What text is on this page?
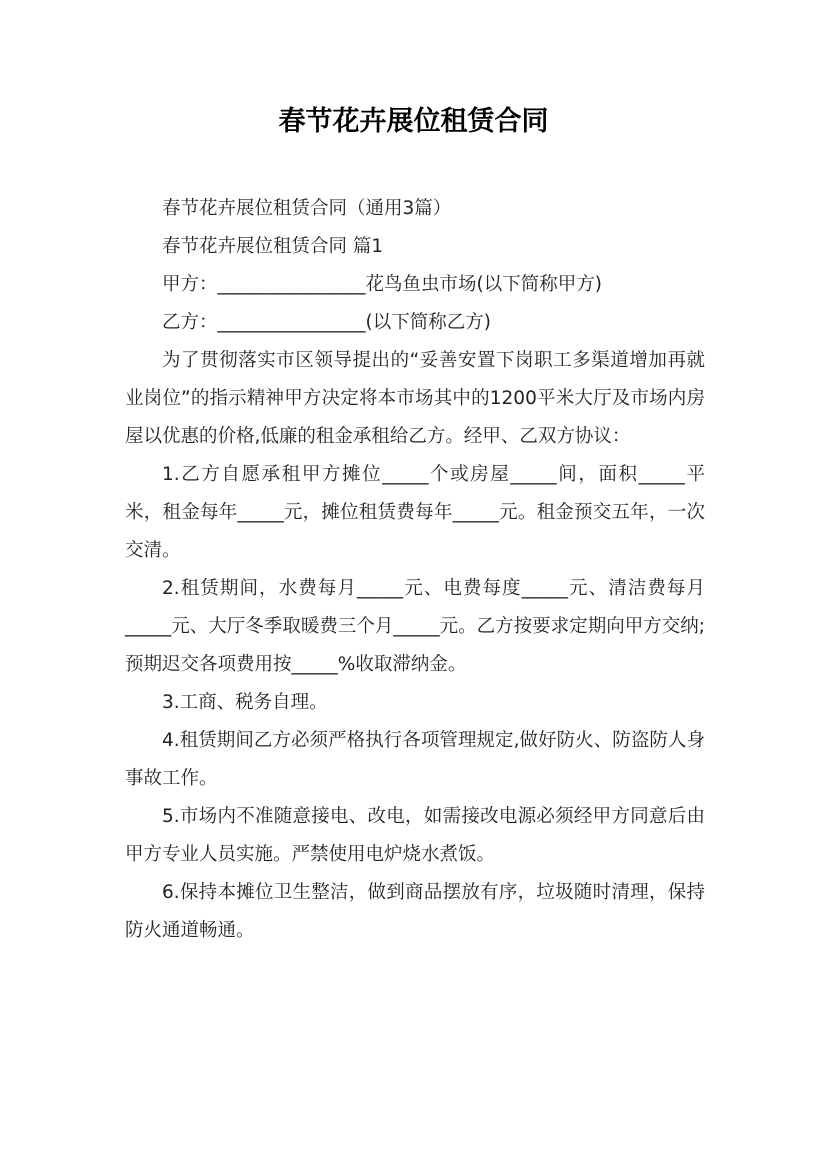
春节花卉展位租赁合同

春节花卉展位租赁合同（通用3篇）

春节花卉展位租赁合同 篇1

甲方：________________花鸟鱼虫市场(以下简称甲方)

乙方：________________(以下简称乙方)

为了贯彻落实市区领导提出的“妥善安置下岗职工多渠道增加再就业岗位”的指示精神甲方决定将本市场其中的1200平米大厅及市场内房屋以优惠的价格,低廉的租金承租给乙方。经甲、乙双方协议：

1.乙方自愿承租甲方摊位_____个或房屋_____间，面积_____平米，租金每年_____元，摊位租赁费每年_____元。租金预交五年，一次交清。

2.租赁期间，水费每月_____元、电费每度_____元、清洁费每月_____元、大厅冬季取暖费三个月_____元。乙方按要求定期向甲方交纳;预期迟交各项费用按_____%收取滞纳金。

3.工商、税务自理。

4.租赁期间乙方必须严格执行各项管理规定,做好防火、防盗防人身事故工作。

5.市场内不准随意接电、改电，如需接改电源必须经甲方同意后由甲方专业人员实施。严禁使用电炉烧水煮饭。

6.保持本摊位卫生整洁，做到商品摆放有序，垃圾随时清理，保持防火通道畅通。
